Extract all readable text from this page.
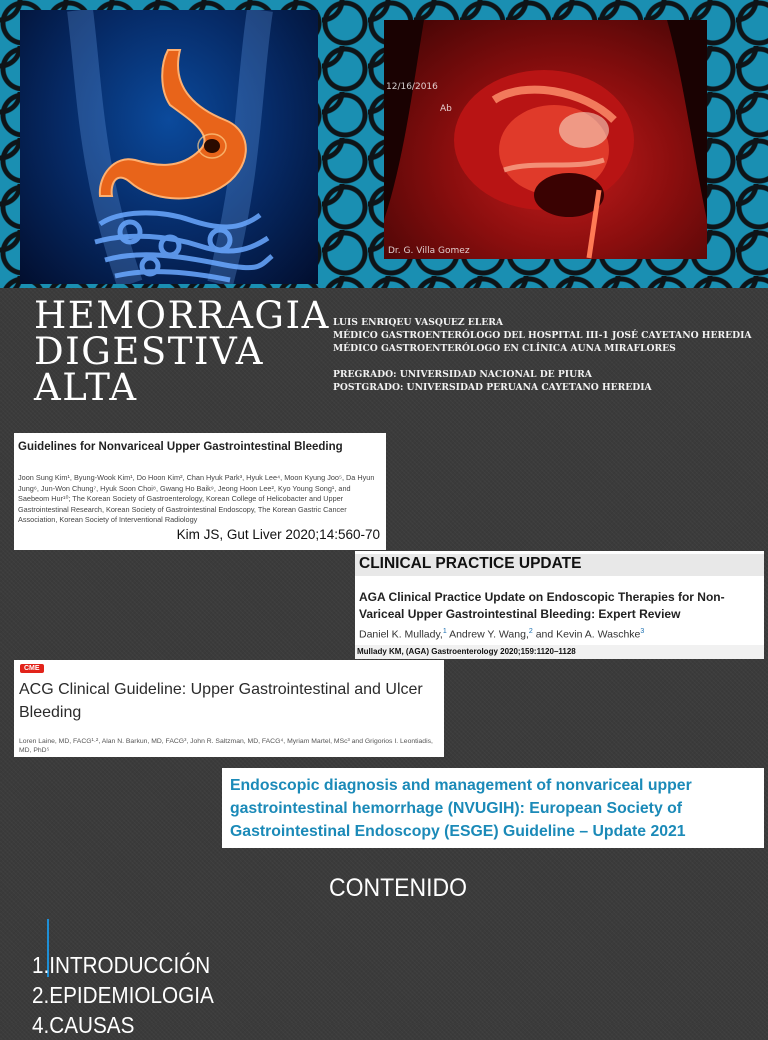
12/16/2016
Ab
Dr. G. Villa Gomez
HEMORRAGIA
DIGESTIVA
ALTA
LUIS ENRIQEU VASQUEZ ELERA
MÉDICO GASTROENTERÓLOGO DEL HOSPITAL III-1 JOSÉ CAYETANO HEREDIA
MÉDICO GASTROENTERÓLOGO EN CLÍNICA AUNA MIRAFLORES
PREGRADO: UNIVERSIDAD NACIONAL DE PIURA
POSTGRADO: UNIVERSIDAD PERUANA CAYETANO HEREDIA
Guidelines for Nonvariceal Upper Gastrointestinal Bleeding
Joon Sung Kim¹, Byung-Wook Kim¹, Do Hoon Kim², Chan Hyuk Park³, Hyuk Lee⁴, Moon Kyung Joo⁵, Da Hyun Jung⁶, Jun-Won Chung⁷, Hyuk Soon Choi⁸, Gwang Ho Baik⁹, Jeong Hoon Lee², Kyo Young Song¹, and Saebeom Hur¹⁰; The Korean Society of Gastroenterology, Korean College of Helicobacter and Upper Gastrointestinal Research, Korean Society of Gastrointestinal Endoscopy, The Korean Gastric Cancer Association, Korean Society of Interventional Radiology
Kim JS, Gut Liver 2020;14:560-70
CLINICAL PRACTICE UPDATE
AGA Clinical Practice Update on Endoscopic Therapies for Non-Variceal Upper Gastrointestinal Bleeding: Expert Review
Daniel K. Mullady,$^1$ Andrew Y. Wang,$^2$ and Kevin A. Waschke$^3$
Mullady KM, (AGA) Gastroenterology 2020;159:1120–1128
CME
ACG Clinical Guideline: Upper Gastrointestinal and Ulcer Bleeding
Loren Laine, MD, FACG¹·², Alan N. Barkun, MD, FACG³, John R. Saltzman, MD, FACG⁴, Myriam Martel, MSc³ and Grigorios I. Leontiadis, MD, PhD⁵
Endoscopic diagnosis and management of nonvariceal upper gastrointestinal hemorrhage (NVUGIH): European Society of Gastrointestinal Endoscopy (ESGE) Guideline – Update 2021
CONTENIDO
1.INTRODUCCIÓN
2.EPIDEMIOLOGIA
4.CAUSAS
